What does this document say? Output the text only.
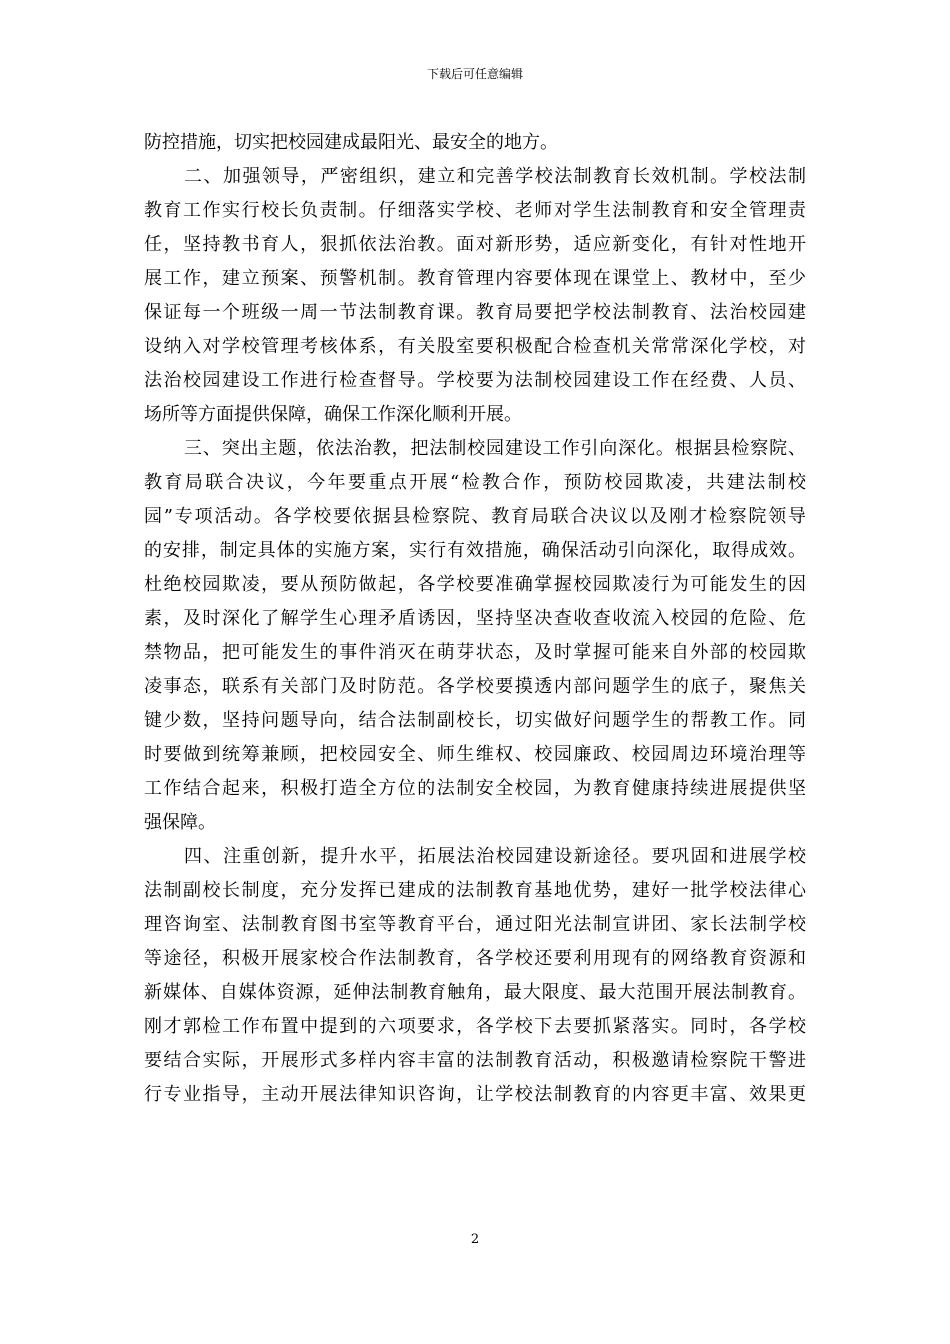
下载后可任意编辑
防控措施，切实把校园建成最阳光、最安全的地方。
二、加强领导，严密组织，建立和完善学校法制教育长效机制。学校法制
教育工作实行校长负责制。仔细落实学校、老师对学生法制教育和安全管理责
任，坚持教书育人，狠抓依法治教。面对新形势，适应新变化，有针对性地开
展工作，建立预案、预警机制。教育管理内容要体现在课堂上、教材中，至少
保证每一个班级一周一节法制教育课。教育局要把学校法制教育、法治校园建
设纳入对学校管理考核体系，有关股室要积极配合检查机关常常深化学校，对
法治校园建设工作进行检查督导。学校要为法制校园建设工作在经费、人员、
场所等方面提供保障，确保工作深化顺利开展。
三、突出主题，依法治教，把法制校园建设工作引向深化。根据县检察院、
教育局联合决议，今年要重点开展“检教合作，预防校园欺凌，共建法制校
园”专项活动。各学校要依据县检察院、教育局联合决议以及刚才检察院领导
的安排，制定具体的实施方案，实行有效措施，确保活动引向深化，取得成效。
杜绝校园欺凌，要从预防做起，各学校要准确掌握校园欺凌行为可能发生的因
素，及时深化了解学生心理矛盾诱因，坚持坚决查收查收流入校园的危险、危
禁物品，把可能发生的事件消灭在萌芽状态，及时掌握可能来自外部的校园欺
凌事态，联系有关部门及时防范。各学校要摸透内部问题学生的底子，聚焦关
键少数，坚持问题导向，结合法制副校长，切实做好问题学生的帮教工作。同
时要做到统筹兼顾，把校园安全、师生维权、校园廉政、校园周边环境治理等
工作结合起来，积极打造全方位的法制安全校园，为教育健康持续进展提供坚
强保障。
四、注重创新，提升水平，拓展法治校园建设新途径。要巩固和进展学校
法制副校长制度，充分发挥已建成的法制教育基地优势，建好一批学校法律心
理咨询室、法制教育图书室等教育平台，通过阳光法制宣讲团、家长法制学校
等途径，积极开展家校合作法制教育，各学校还要利用现有的网络教育资源和
新媒体、自媒体资源，延伸法制教育触角，最大限度、最大范围开展法制教育。
刚才郭检工作布置中提到的六项要求，各学校下去要抓紧落实。同时，各学校
要结合实际，开展形式多样内容丰富的法制教育活动，积极邀请检察院干警进
行专业指导，主动开展法律知识咨询，让学校法制教育的内容更丰富、效果更
2
